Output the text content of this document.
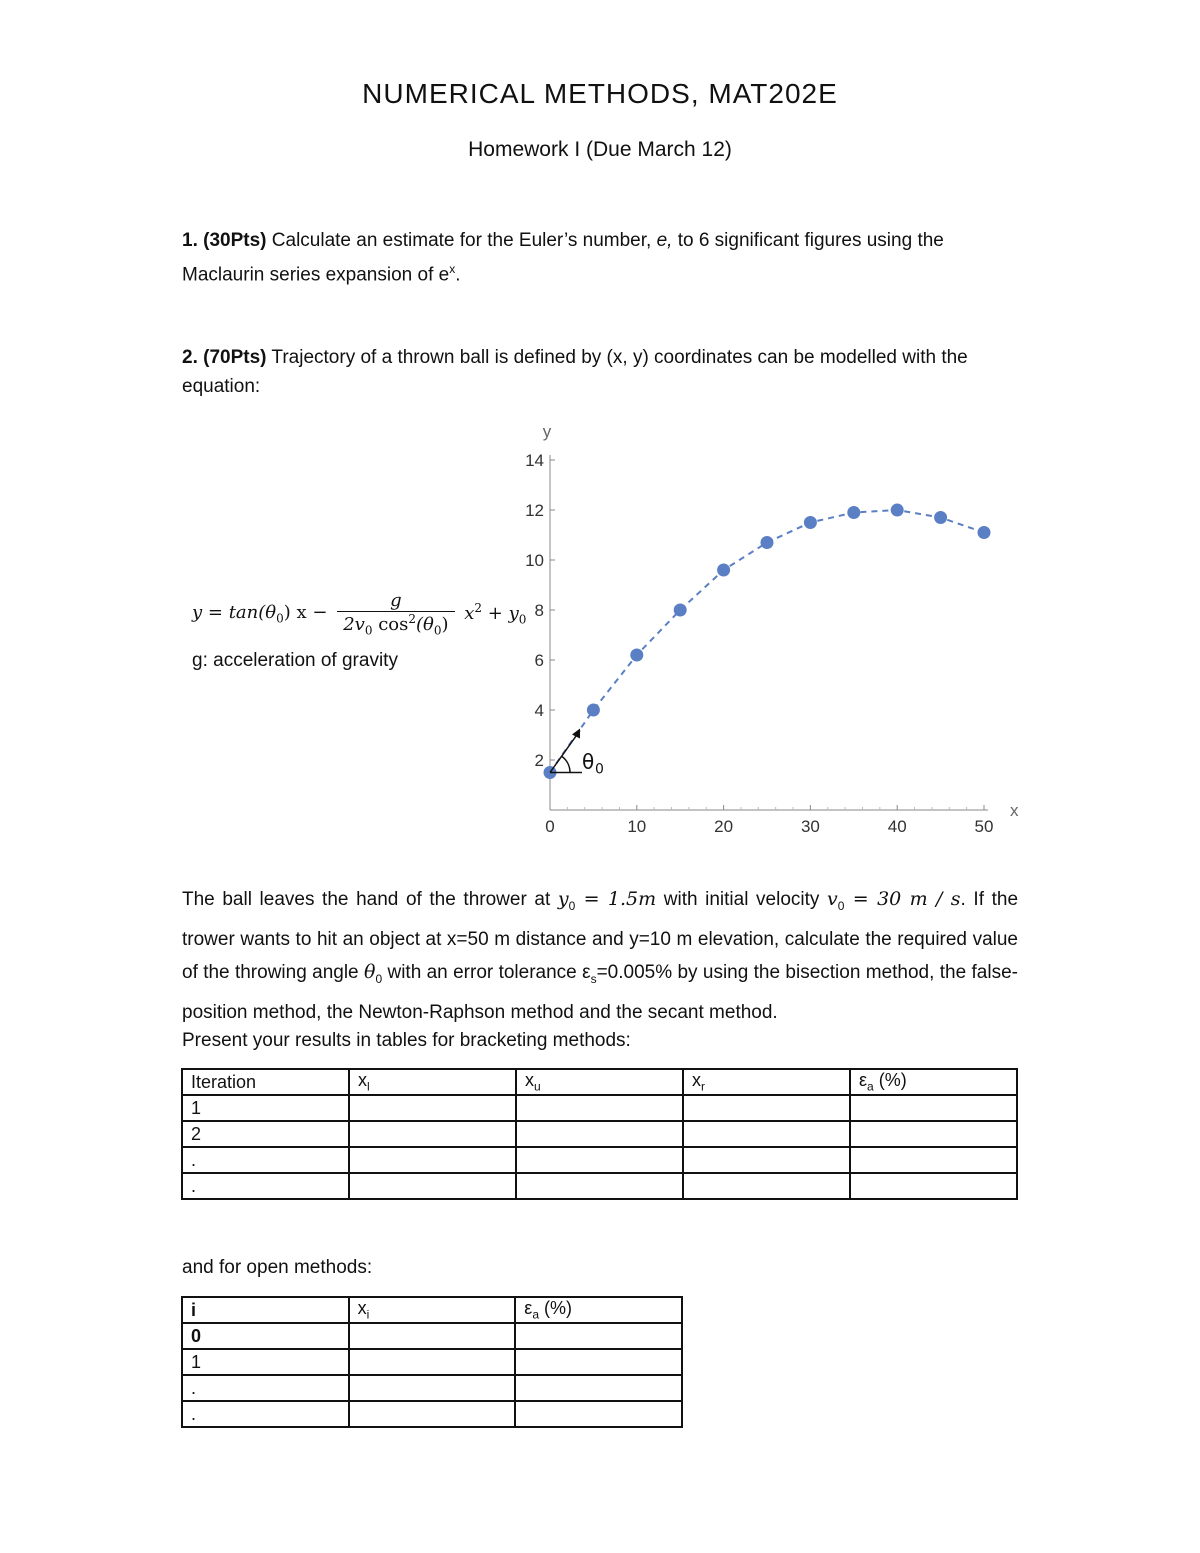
NUMERICAL METHODS, MAT202E
Homework I (Due March 12)
1. (30Pts) Calculate an estimate for the Euler’s number, e, to 6 significant figures using the Maclaurin series expansion of $e^x$.
2. (70Pts) Trajectory of a thrown ball is defined by (x, y) coordinates can be modelled with the equation:
$y = \tan(\theta_0) x - \frac{g}{2v_0 \cos^2(\theta_0)} x^2 + y_0$
g: acceleration of gravity
0	10	20	30	40	50
2
4
6
8
10
12
14
x
y
θ 0
The ball leaves the hand of the thrower at $y_0 = 1.5m$ with initial velocity $v_0 = 30$ m / s. If the trower wants to hit an object at x=50 m distance and y=10 m elevation, calculate the required value of the throwing angle $\theta_0$ with an error tolerance $\varepsilon_s=0.005\%$ by using the bisection method, the false-position method, the Newton-Raphson method and the secant method.
Present your results in tables for bracketing methods:
Iteration	$x_l$	$x_u$	$x_r$	$\varepsilon_a$ (%)
1				
2				
.				
.				
and for open methods:
i	$x_i$	$\varepsilon_a$ (%)
0		
1		
.		
.		
